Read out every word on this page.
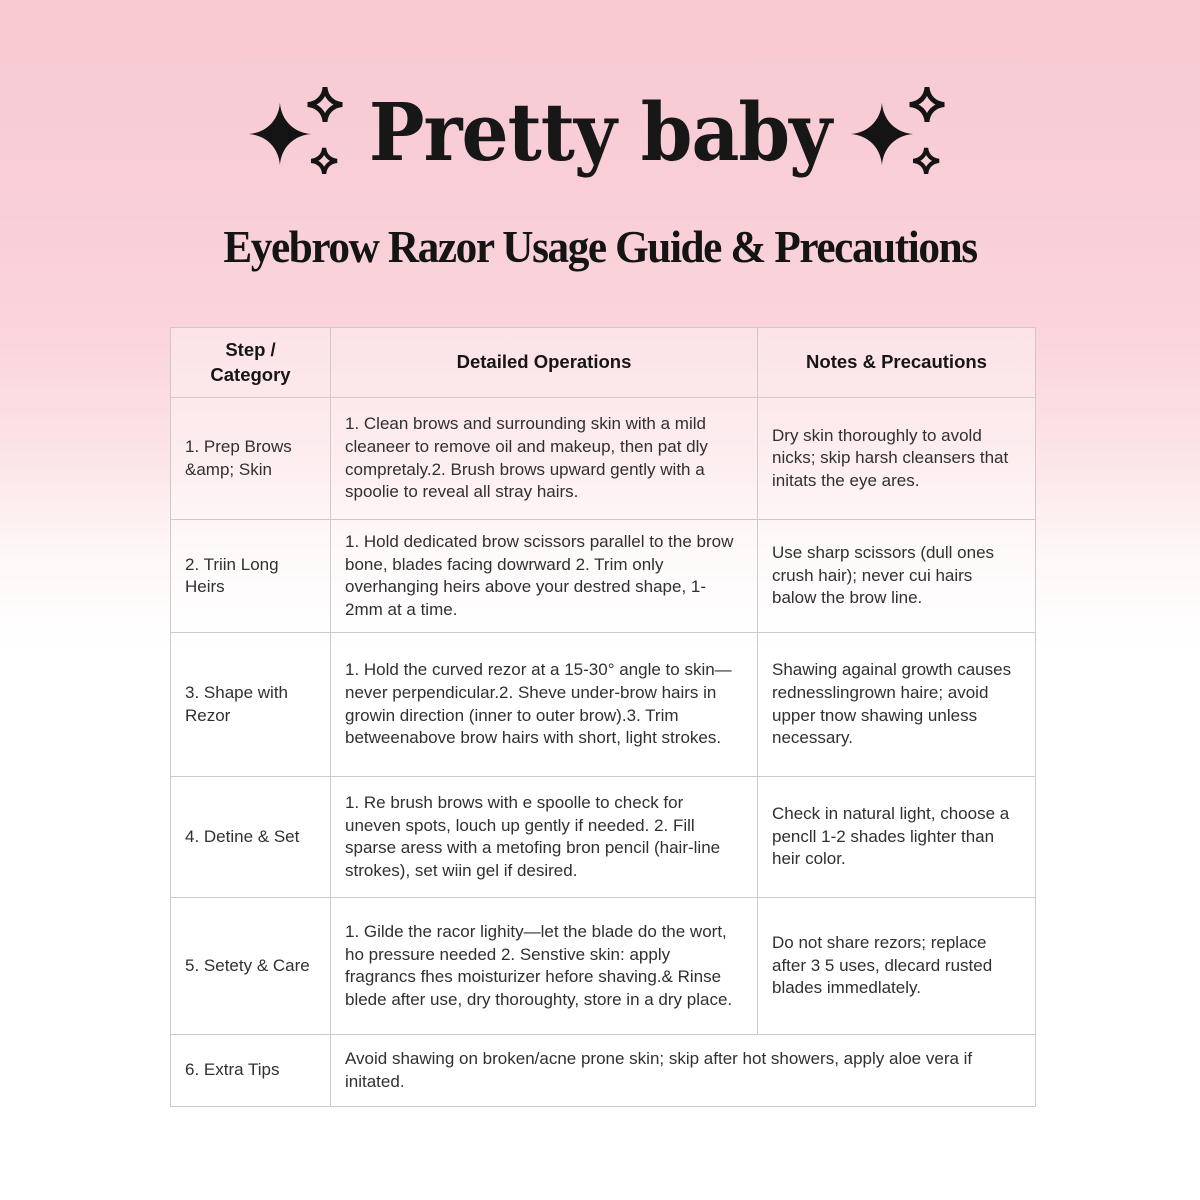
Pretty baby
Eyebrow Razor Usage Guide & Precautions
Step / Category	Detailed Operations	Notes & Precautions
1. Prep Brows &amp; Skin	1. Clean brows and surrounding skin with a mild cleaneer to remove oil and makeup, then pat dly compretaly.2. Brush brows upward gently with a spoolie to reveal all stray hairs.	Dry skin thoroughly to avold nicks; skip harsh cleansers that initats the eye ares.
2. Triin Long Heirs	1. Hold dedicated brow scissors parallel to the brow bone, blades facing dowrward 2. Trim only overhanging heirs above your destred shape, 1-2mm at a time.	Use sharp scissors (dull ones crush hair); never cui hairs balow the brow line.
3. Shape with Rezor	1. Hold the curved rezor at a 15-30° angle to skin—never perpendicular.2. Sheve under-brow hairs in growin direction (inner to outer brow).3. Trim betweenabove brow hairs with short, light strokes.	Shawing againal growth causes rednesslingrown haire; avoid upper tnow shawing unless necessary.
4. Detine & Set	1. Re brush brows with e spoolle to check for uneven spots, louch up gently if needed. 2. Fill sparse aress with a metofing bron pencil (hair-line strokes), set wiin gel if desired.	Check in natural light, choose a pencll 1-2 shades lighter than heir color.
5. Setety & Care	1. Gilde the racor lighity—let the blade do the wort, ho pressure needed 2. Senstive skin: apply fragrancs fhes moisturizer hefore shaving.& Rinse blede after use, dry thoroughty, store in a dry place.	Do not share rezors; replace after 3 5 uses, dlecard rusted blades immedlately.
6. Extra Tips	Avoid shawing on broken/acne prone skin; skip after hot showers, apply aloe vera if initated.	
